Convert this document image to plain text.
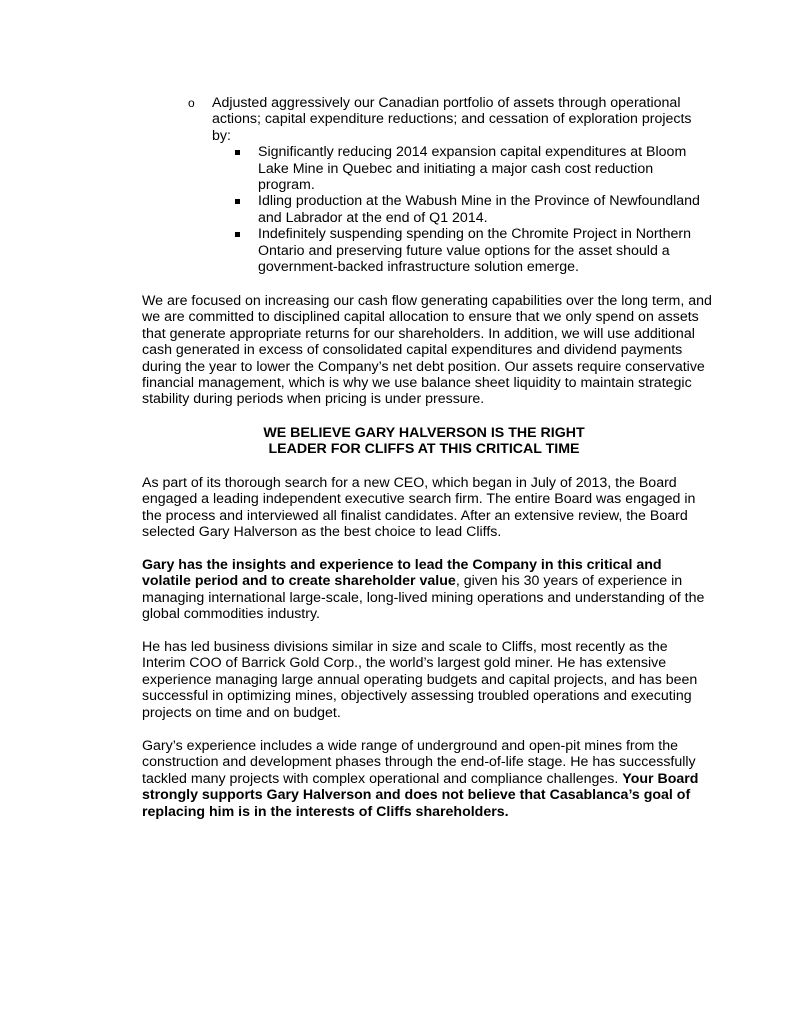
o Adjusted aggressively our Canadian portfolio of assets through operational actions; capital expenditure reductions; and cessation of exploration projects by:
Significantly reducing 2014 expansion capital expenditures at Bloom Lake Mine in Quebec and initiating a major cash cost reduction program.
Idling production at the Wabush Mine in the Province of Newfoundland and Labrador at the end of Q1 2014.
Indefinitely suspending spending on the Chromite Project in Northern Ontario and preserving future value options for the asset should a government-backed infrastructure solution emerge.

We are focused on increasing our cash flow generating capabilities over the long term, and we are committed to disciplined capital allocation to ensure that we only spend on assets that generate appropriate returns for our shareholders. In addition, we will use additional cash generated in excess of consolidated capital expenditures and dividend payments during the year to lower the Company’s net debt position. Our assets require conservative financial management, which is why we use balance sheet liquidity to maintain strategic stability during periods when pricing is under pressure.

WE BELIEVE GARY HALVERSON IS THE RIGHT
LEADER FOR CLIFFS AT THIS CRITICAL TIME

As part of its thorough search for a new CEO, which began in July of 2013, the Board engaged a leading independent executive search firm. The entire Board was engaged in the process and interviewed all finalist candidates. After an extensive review, the Board selected Gary Halverson as the best choice to lead Cliffs.

Gary has the insights and experience to lead the Company in this critical and volatile period and to create shareholder value, given his 30 years of experience in managing international large-scale, long-lived mining operations and understanding of the global commodities industry.

He has led business divisions similar in size and scale to Cliffs, most recently as the Interim COO of Barrick Gold Corp., the world’s largest gold miner. He has extensive experience managing large annual operating budgets and capital projects, and has been successful in optimizing mines, objectively assessing troubled operations and executing projects on time and on budget.

Gary’s experience includes a wide range of underground and open-pit mines from the construction and development phases through the end-of-life stage. He has successfully tackled many projects with complex operational and compliance challenges. Your Board strongly supports Gary Halverson and does not believe that Casablanca’s goal of replacing him is in the interests of Cliffs shareholders.
